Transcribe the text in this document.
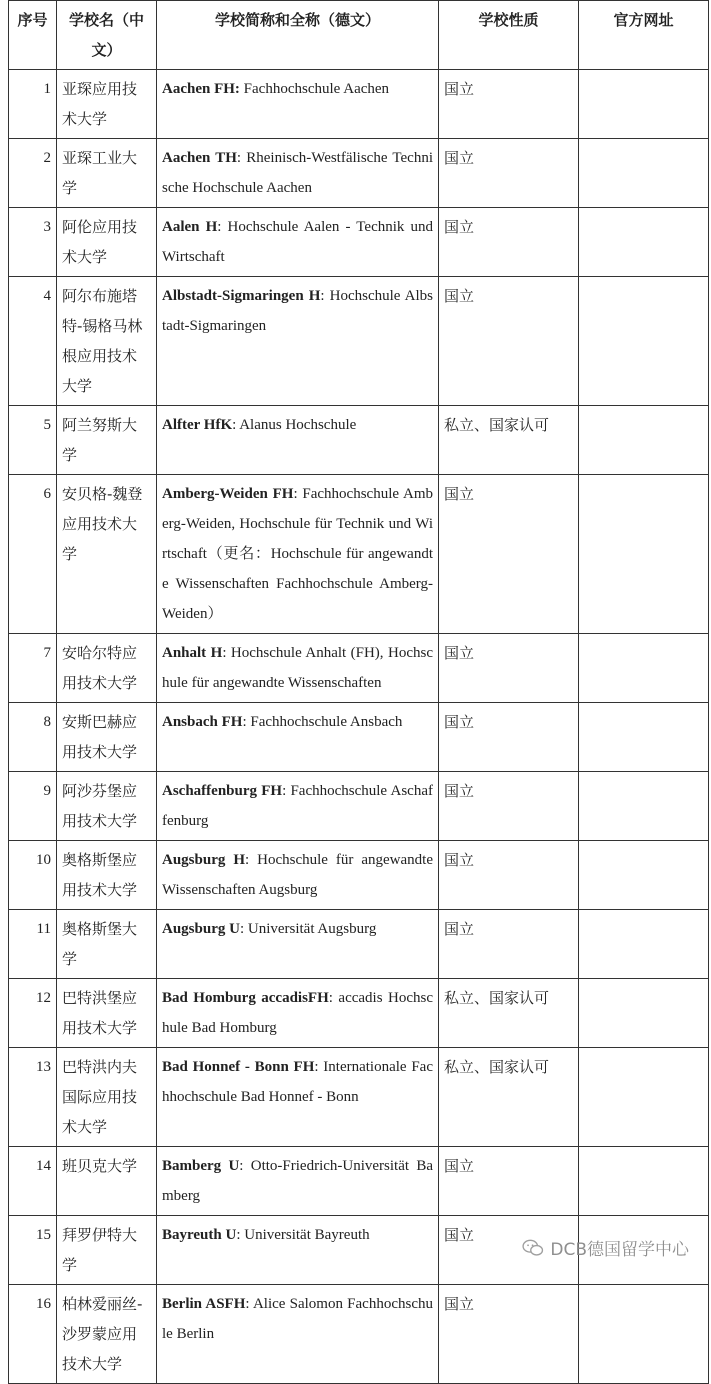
序号	学校名（中文）	学校简称和全称（德文）	学校性质	官方网址
1	亚琛应用技术大学	Aachen FH: Fachhochschule Aachen	国立	
2	亚琛工业大学	Aachen TH: Rheinisch-Westfälische Technische Hochschule Aachen	国立	
3	阿伦应用技术大学	Aalen H: Hochschule Aalen - Technik und Wirtschaft	国立	
4	阿尔布施塔特-锡格马林根应用技术大学	Albstadt-Sigmaringen H: Hochschule Albstadt-Sigmaringen	国立	
5	阿兰努斯大学	Alfter HfK: Alanus Hochschule	私立、国家认可	
6	安贝格-魏登应用技术大学	Amberg-Weiden FH: Fachhochschule Amberg-Weiden, Hochschule für Technik und Wirtschaft（更名：Hochschule für angewandte Wissenschaften Fachhochschule Amberg-Weiden）	国立	
7	安哈尔特应用技术大学	Anhalt H: Hochschule Anhalt (FH), Hochschule für angewandte Wissenschaften	国立	
8	安斯巴赫应用技术大学	Ansbach FH: Fachhochschule Ansbach	国立	
9	阿沙芬堡应用技术大学	Aschaffenburg FH: Fachhochschule Aschaffenburg	国立	
10	奥格斯堡应用技术大学	Augsburg H: Hochschule für angewandte Wissenschaften Augsburg	国立	
11	奥格斯堡大学	Augsburg U: Universität Augsburg	国立	
12	巴特洪堡应用技术大学	Bad Homburg accadisFH: accadis Hochschule Bad Homburg	私立、国家认可	
13	巴特洪内夫国际应用技术大学	Bad Honnef - Bonn FH: Internationale Fachhochschule Bad Honnef - Bonn	私立、国家认可	
14	班贝克大学	Bamberg U: Otto-Friedrich-Universität Bamberg	国立	
15	拜罗伊特大学	Bayreuth U: Universität Bayreuth	国立	
16	柏林爱丽丝-沙罗蒙应用技术大学	Berlin ASFH: Alice Salomon Fachhochschule Berlin	国立	
DCB德国留学中心
